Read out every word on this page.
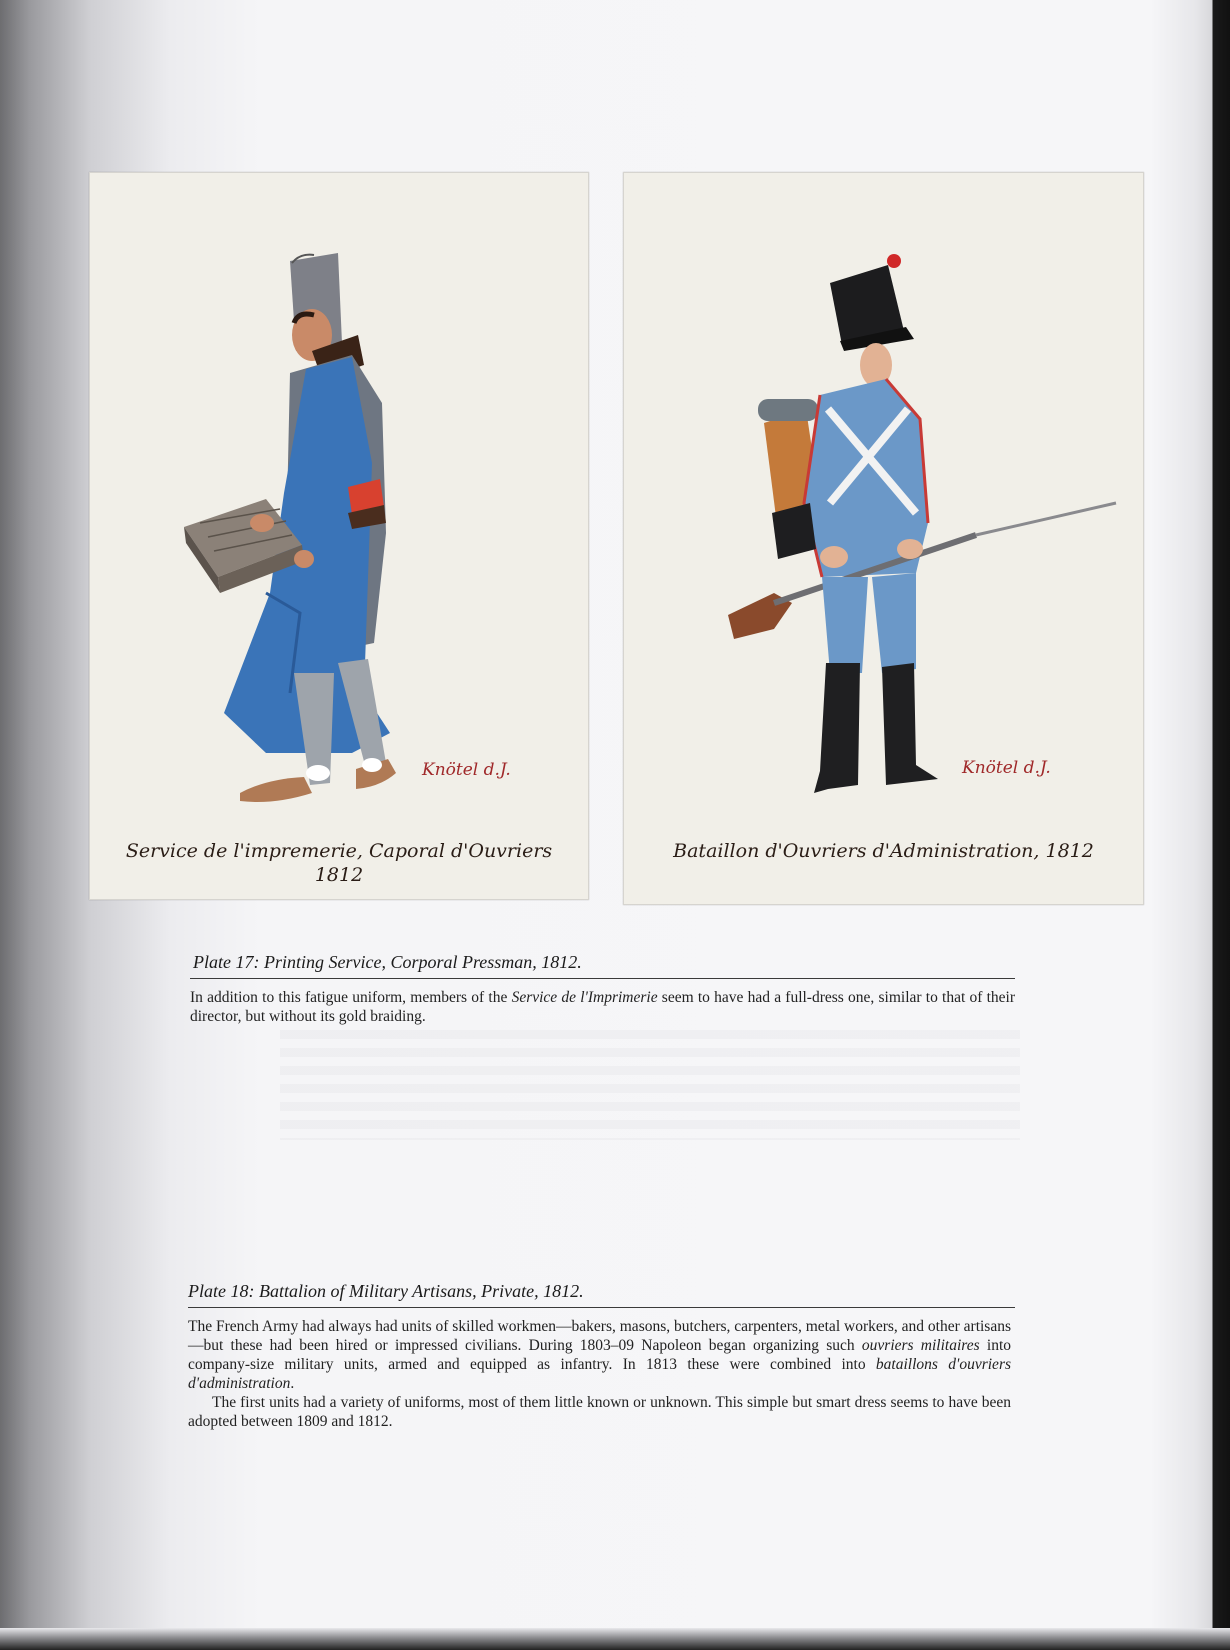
Knötel d.J.
Service de l'impremerie, Caporal d'Ouvriers
1812
Knötel d.J.
Bataillon d'Ouvriers d'Administration, 1812
Plate 17: Printing Service, Corporal Pressman, 1812.

In addition to this fatigue uniform, members of the Service de l'Imprimerie seem to have had a full-dress one, similar to that of their director, but without its gold braiding.

Plate 18: Battalion of Military Artisans, Private, 1812.

The French Army had always had units of skilled workmen—bakers, masons, butchers, carpenters, metal workers, and other artisans—but these had been hired or impressed civilians. During 1803–09 Napoleon began organizing such ouvriers militaires into company-size military units, armed and equipped as infantry. In 1813 these were combined into bataillons d'ouvriers d'administration.

The first units had a variety of uniforms, most of them little known or unknown. This simple but smart dress seems to have been adopted between 1809 and 1812.
